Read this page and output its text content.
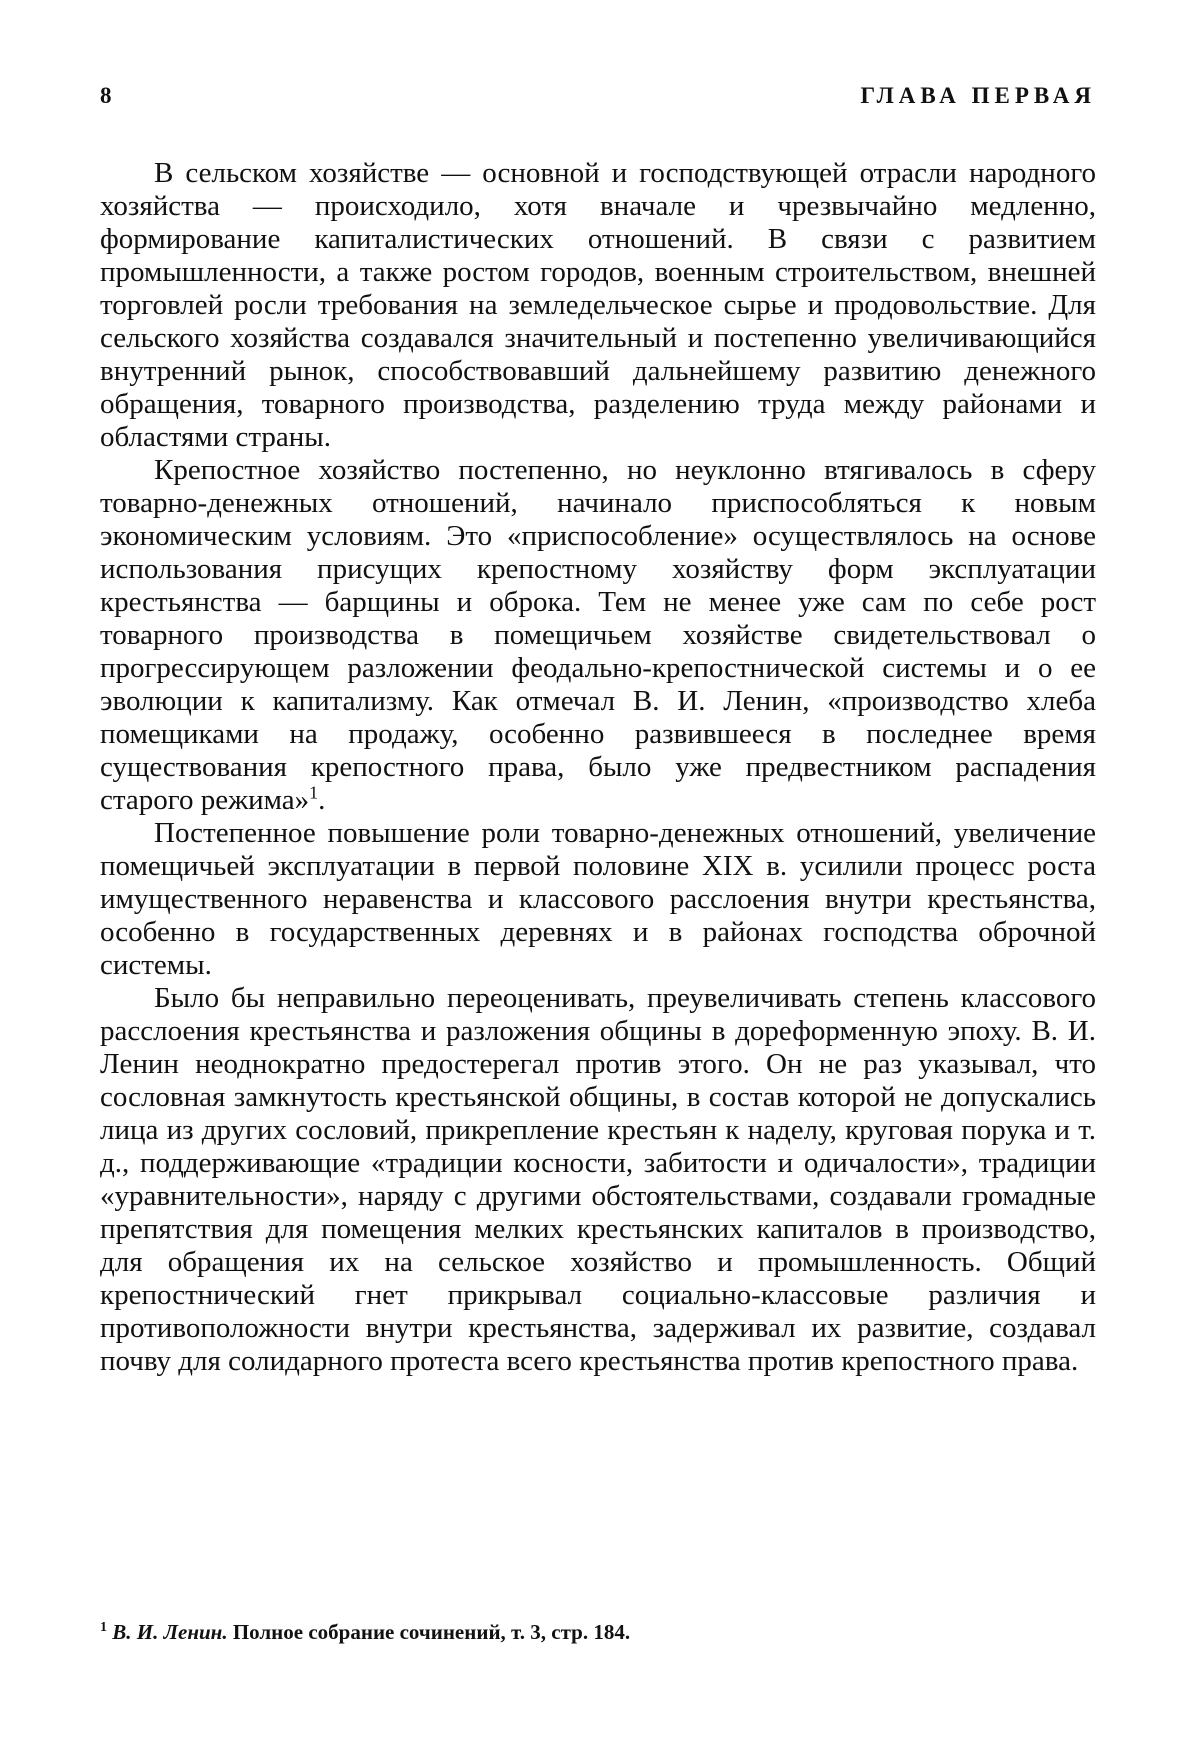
8	ГЛАВА ПЕРВАЯ

В сельском хозяйстве — основной и господствующей отрасли народного хозяйства — происходило, хотя вначале и чрезвычайно медленно, формирование капиталистических отношений. В связи с развитием промышленности, а также ростом городов, военным строительством, внешней торговлей росли требования на земледельческое сырье и продовольствие. Для сельского хозяйства создавался значительный и постепенно увеличивающийся внутренний рынок, способствовавший дальнейшему развитию денежного обращения, товарного производства, разделению труда между районами и областями страны.

Крепостное хозяйство постепенно, но неуклонно втягивалось в сферу товарно-денежных отношений, начинало приспособляться к новым экономическим условиям. Это «приспособление» осуществлялось на основе использования присущих крепостному хозяйству форм эксплуатации крестьянства — барщины и оброка. Тем не менее уже сам по себе рост товарного производства в помещичьем хозяйстве свидетельствовал о прогрессирующем разложении феодально-крепостнической системы и о ее эволюции к капитализму. Как отмечал В. И. Ленин, «производство хлеба помещиками на продажу, особенно развившееся в последнее время существования крепостного права, было уже предвестником распадения старого режима»$^1$.

Постепенное повышение роли товарно-денежных отношений, увеличение помещичьей эксплуатации в первой половине XIX в. усилили процесс роста имущественного неравенства и классового расслоения внутри крестьянства, особенно в государственных деревнях и в районах господства оброчной системы.

Было бы неправильно переоценивать, преувеличивать степень классового расслоения крестьянства и разложения общины в дореформенную эпоху. В. И. Ленин неоднократно предостерегал против этого. Он не раз указывал, что сословная замкнутость крестьянской общины, в состав которой не допускались лица из других сословий, прикрепление крестьян к наделу, круговая порука и т. д., поддерживающие «традиции косности, забитости и одичалости», традиции «уравнительности», наряду с другими обстоятельствами, создавали громадные препятствия для помещения мелких крестьянских капиталов в производство, для обращения их на сельское хозяйство и промышленность. Общий крепостнический гнет прикрывал социально-классовые различия и противоположности внутри крестьянства, задерживал их развитие, создавал почву для солидарного протеста всего крестьянства против крепостного права.

$^1$ В. И. Ленин. Полное собрание сочинений, т. 3, стр. 184.
